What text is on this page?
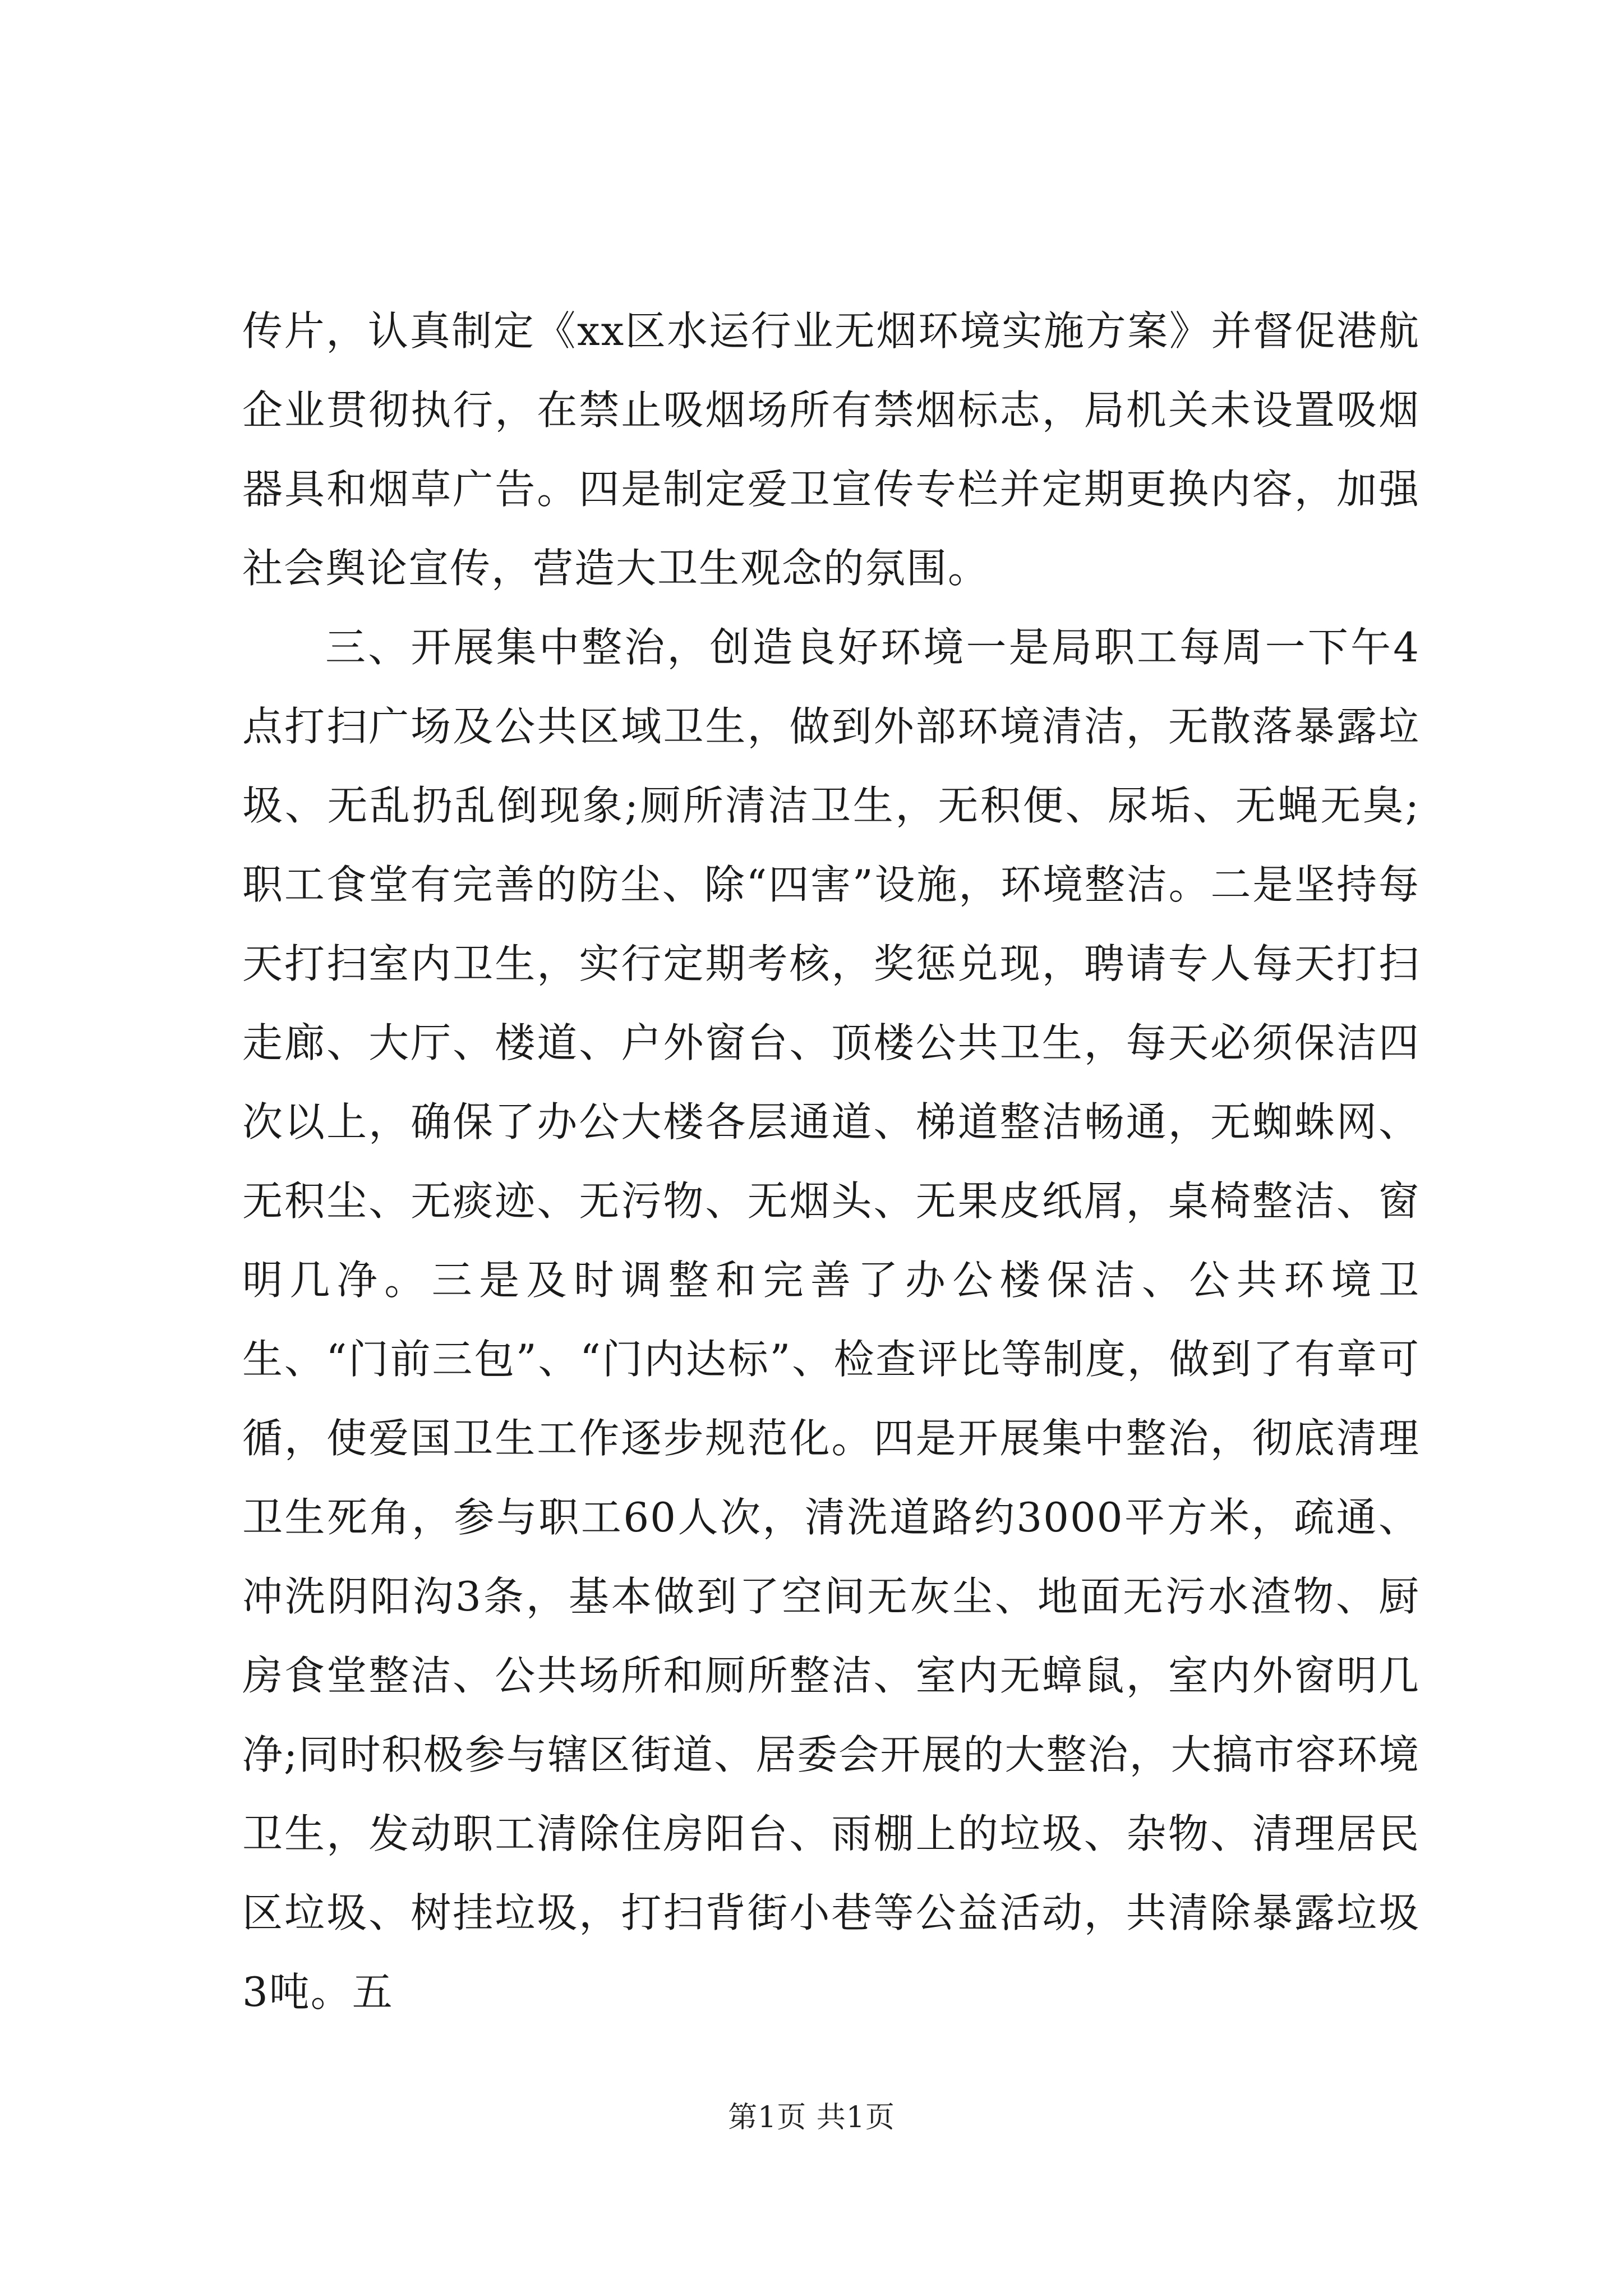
传片，认真制定《xx区水运行业无烟环境实施方案》并督促港航企业贯彻执行，在禁止吸烟场所有禁烟标志，局机关未设置吸烟器具和烟草广告。四是制定爱卫宣传专栏并定期更换内容，加强社会舆论宣传，营造大卫生观念的氛围。

三、开展集中整治，创造良好环境一是局职工每周一下午4点打扫广场及公共区域卫生，做到外部环境清洁，无散落暴露垃圾、无乱扔乱倒现象;厕所清洁卫生，无积便、尿垢、无蝇无臭;职工食堂有完善的防尘、除“四害”设施，环境整洁。二是坚持每天打扫室内卫生，实行定期考核，奖惩兑现，聘请专人每天打扫走廊、大厅、楼道、户外窗台、顶楼公共卫生，每天必须保洁四次以上，确保了办公大楼各层通道、梯道整洁畅通，无蜘蛛网、无积尘、无痰迹、无污物、无烟头、无果皮纸屑，桌椅整洁、窗明几净。三是及时调整和完善了办公楼保洁、公共环境卫生、“门前三包”、“门内达标”、检查评比等制度，做到了有章可循，使爱国卫生工作逐步规范化。四是开展集中整治，彻底清理卫生死角，参与职工60人次，清洗道路约3000平方米，疏通、冲洗阴阳沟3条，基本做到了空间无灰尘、地面无污水渣物、厨房食堂整洁、公共场所和厕所整洁、室内无蟑鼠，室内外窗明几净;同时积极参与辖区街道、居委会开展的大整治，大搞市容环境卫生，发动职工清除住房阳台、雨棚上的垃圾、杂物、清理居民区垃圾、树挂垃圾，打扫背街小巷等公益活动，共清除暴露垃圾3吨。五

第1页 共1页
